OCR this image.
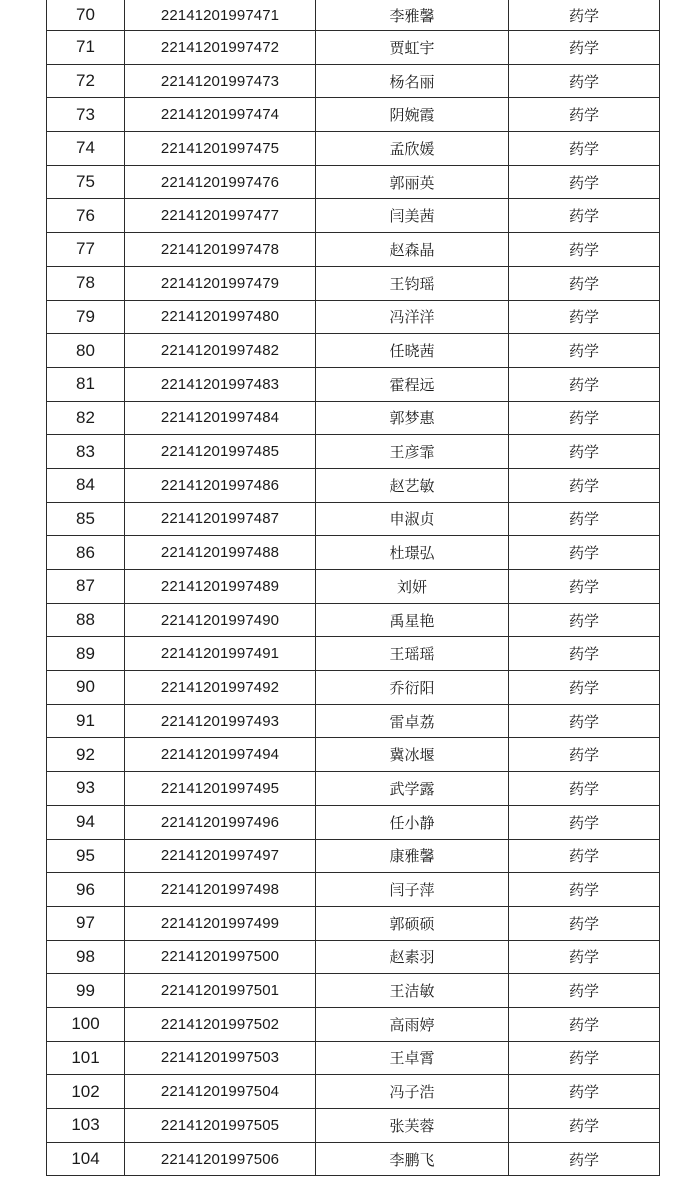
70	22141201997471	李雅馨	药学
71	22141201997472	贾虹宇	药学
72	22141201997473	杨名丽	药学
73	22141201997474	阴婉霞	药学
74	22141201997475	孟欣媛	药学
75	22141201997476	郭丽英	药学
76	22141201997477	闫美茜	药学
77	22141201997478	赵森晶	药学
78	22141201997479	王钧瑶	药学
79	22141201997480	冯洋洋	药学
80	22141201997482	任晓茜	药学
81	22141201997483	霍程远	药学
82	22141201997484	郭梦惠	药学
83	22141201997485	王彦霏	药学
84	22141201997486	赵艺敏	药学
85	22141201997487	申淑贞	药学
86	22141201997488	杜璟弘	药学
87	22141201997489	刘妍	药学
88	22141201997490	禹星艳	药学
89	22141201997491	王瑶瑶	药学
90	22141201997492	乔衍阳	药学
91	22141201997493	雷卓荔	药学
92	22141201997494	冀冰堰	药学
93	22141201997495	武学露	药学
94	22141201997496	任小静	药学
95	22141201997497	康雅馨	药学
96	22141201997498	闫子萍	药学
97	22141201997499	郭硕硕	药学
98	22141201997500	赵素羽	药学
99	22141201997501	王洁敏	药学
100	22141201997502	高雨婷	药学
101	22141201997503	王卓霄	药学
102	22141201997504	冯子浩	药学
103	22141201997505	张芙蓉	药学
104	22141201997506	李鹏飞	药学
